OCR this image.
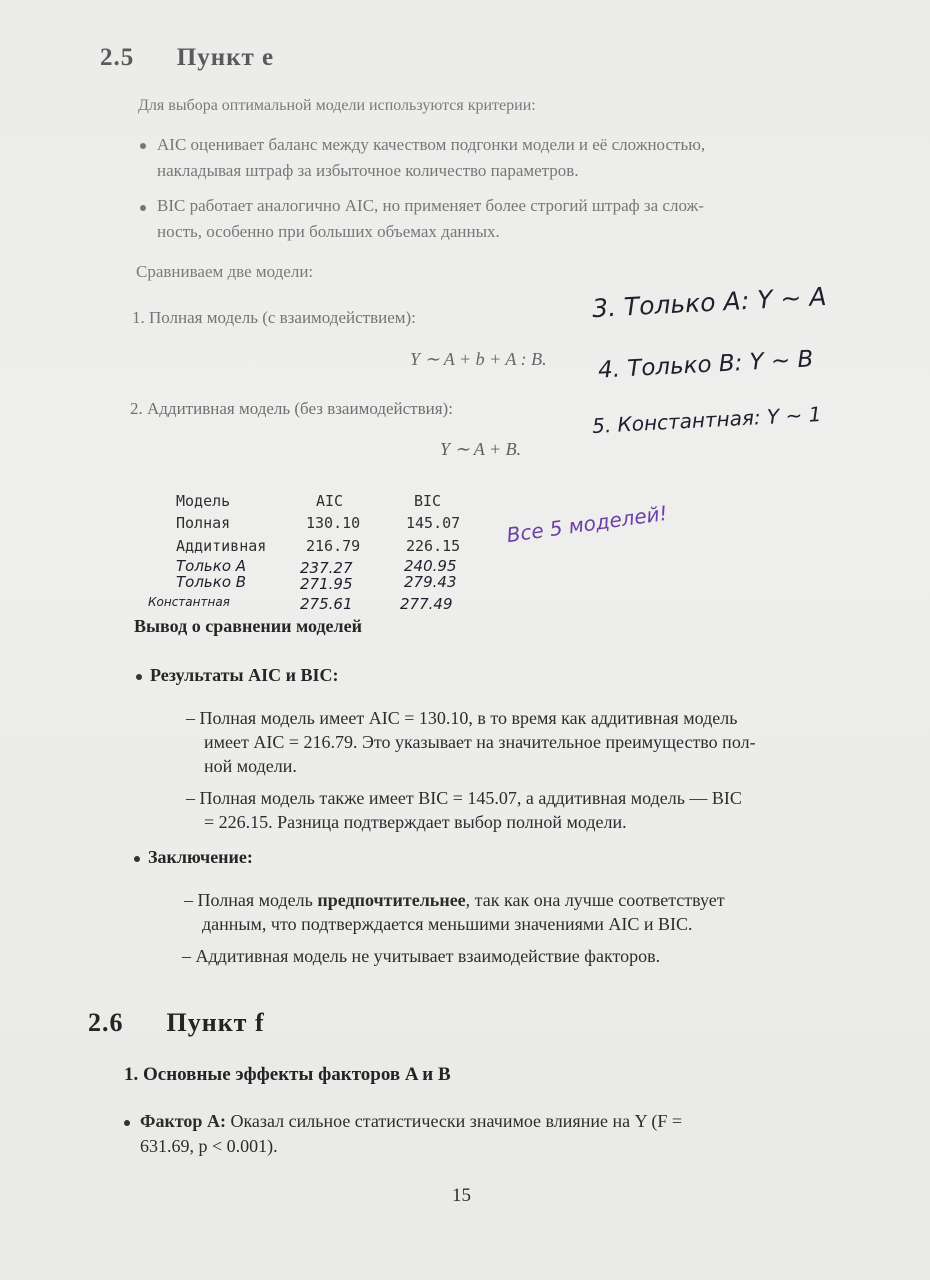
2.5 Пункт е
Для выбора оптимальной модели используются критерии:
AIC оценивает баланс между качеством подгонки модели и её сложностью,
накладывая штраф за избыточное количество параметров.
BIC работает аналогично AIC, но применяет более строгий штраф за слож-
ность, особенно при больших объемах данных.
Сравниваем две модели:
1. Полная модель (с взаимодействием):
Y ∼ A + b + A : B.
2. Аддитивная модель (без взаимодействия):
Y ∼ A + B.
3. Только A: Y ~ A
4. Только B: Y ~ B
5. Константная: Y ~ 1
Модель	AIC	BIC
Полная	130.10	145.07
Аддитивная	216.79	226.15
Только A	237.27	240.95
Только B	271.95	279.43
Константная	275.61	277.49
Все 5 моделей!
Вывод о сравнении моделей
Результаты AIC и BIC:
– Полная модель имеет AIC = 130.10, в то время как аддитивная модель
имеет AIC = 216.79. Это указывает на значительное преимущество пол-
ной модели.
– Полная модель также имеет BIC = 145.07, а аддитивная модель — BIC
= 226.15. Разница подтверждает выбор полной модели.
Заключение:
– Полная модель предпочтительнее, так как она лучше соответствует
данным, что подтверждается меньшими значениями AIC и BIC.
– Аддитивная модель не учитывает взаимодействие факторов.
2.6 Пункт f
1. Основные эффекты факторов A и B
Фактор A: Оказал сильное статистически значимое влияние на Y (F =
631.69, p < 0.001).
15
